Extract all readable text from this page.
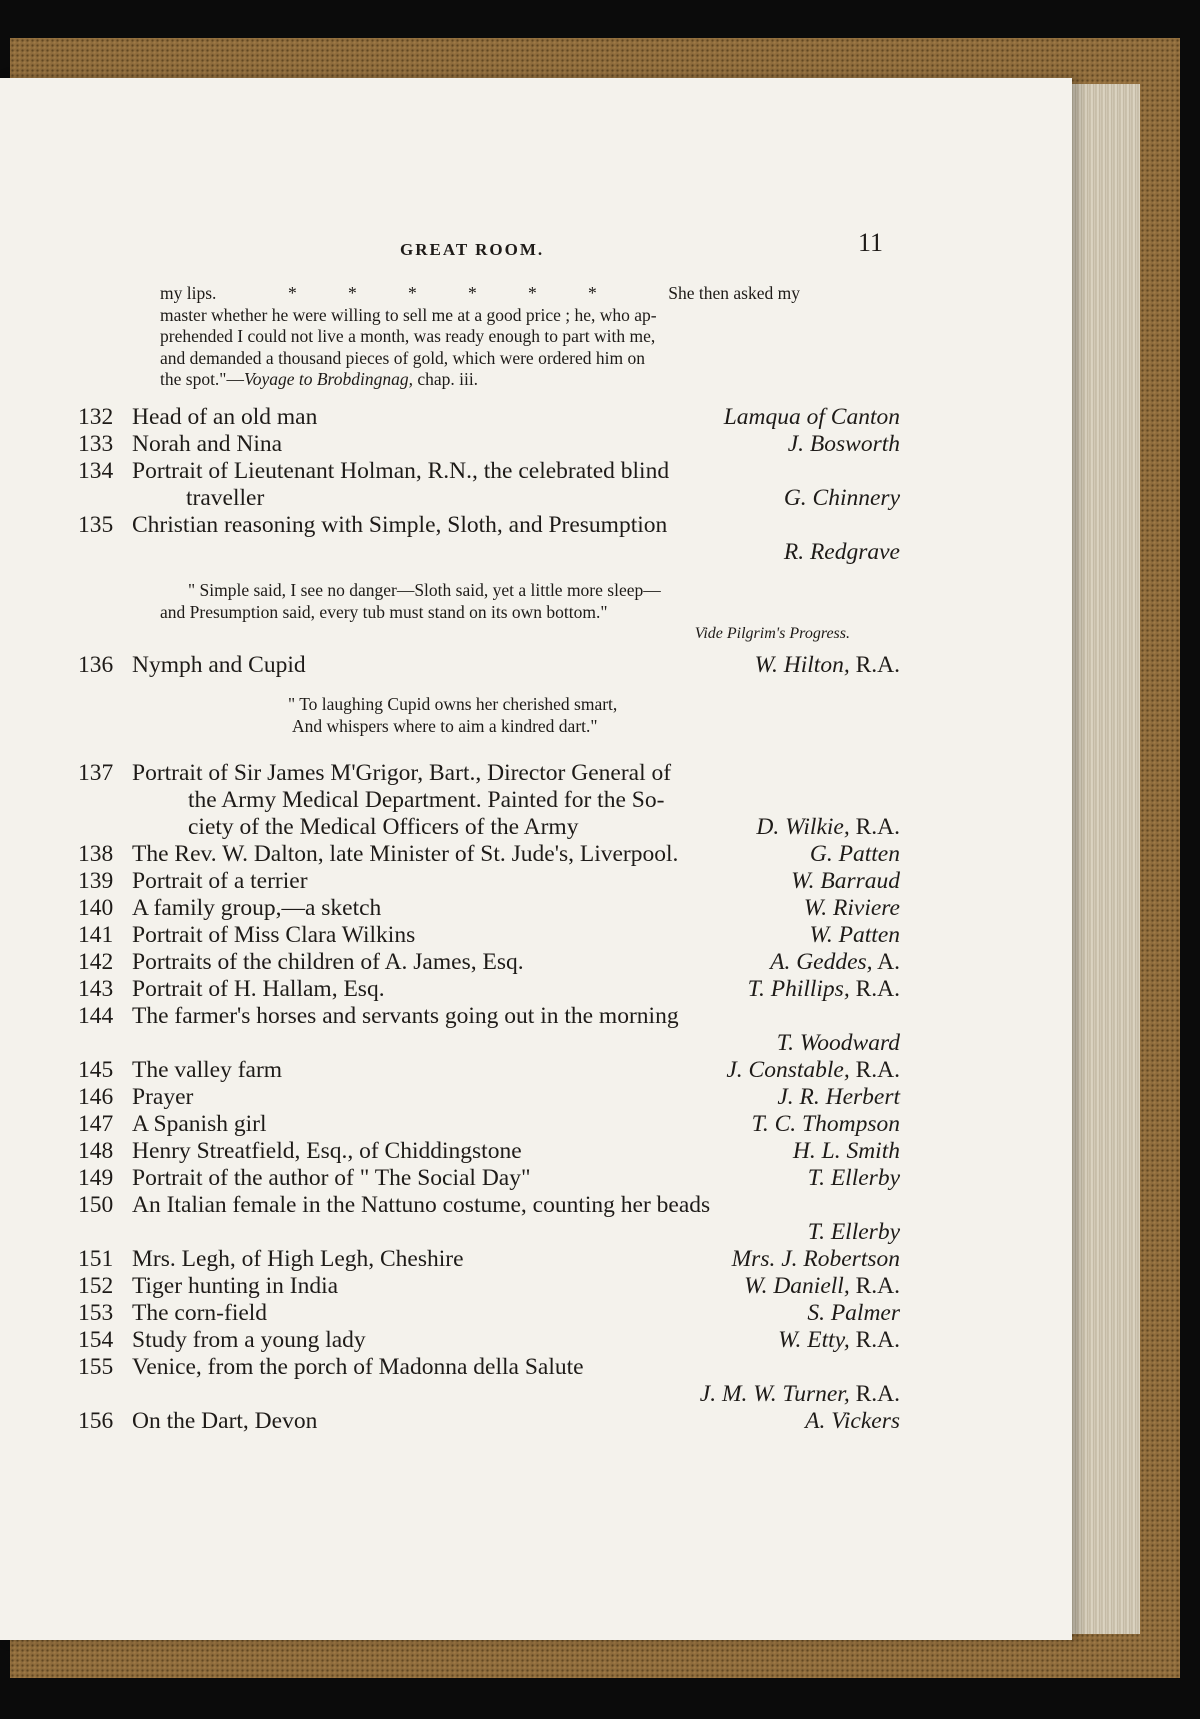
GREAT ROOM.	11
my lips.	*	*	*	*	*	*	She then asked my
master whether he were willing to sell me at a good price ; he, who ap-
prehended I could not live a month, was ready enough to part with me,
and demanded a thousand pieces of gold, which were ordered him on
the spot."—Voyage to Brobdingnag, chap. iii.
132 Head of an old man	Lamqua of Canton
133 Norah and Nina	J. Bosworth
134 Portrait of Lieutenant Holman, R.N., the celebrated blind
traveller	G. Chinnery
135 Christian reasoning with Simple, Sloth, and Presumption
R. Redgrave
" Simple said, I see no danger—Sloth said, yet a little more sleep—
and Presumption said, every tub must stand on its own bottom."
Vide Pilgrim's Progress.
136 Nymph and Cupid	W. Hilton, R.A.
" To laughing Cupid owns her cherished smart,
And whispers where to aim a kindred dart."
137 Portrait of Sir James M'Grigor, Bart., Director General of
the Army Medical Department. Painted for the So-
ciety of the Medical Officers of the Army	D. Wilkie, R.A.
138 The Rev. W. Dalton, late Minister of St. Jude's, Liverpool.	G. Patten
139 Portrait of a terrier	W. Barraud
140 A family group,—a sketch	W. Riviere
141 Portrait of Miss Clara Wilkins	W. Patten
142 Portraits of the children of A. James, Esq.	A. Geddes, A.
143 Portrait of H. Hallam, Esq.	T. Phillips, R.A.
144 The farmer's horses and servants going out in the morning
T. Woodward
145 The valley farm	J. Constable, R.A.
146 Prayer	J. R. Herbert
147 A Spanish girl	T. C. Thompson
148 Henry Streatfield, Esq., of Chiddingstone	H. L. Smith
149 Portrait of the author of " The Social Day"	T. Ellerby
150 An Italian female in the Nattuno costume, counting her beads
T. Ellerby
151 Mrs. Legh, of High Legh, Cheshire	Mrs. J. Robertson
152 Tiger hunting in India	W. Daniell, R.A.
153 The corn-field	S. Palmer
154 Study from a young lady	W. Etty, R.A.
155 Venice, from the porch of Madonna della Salute
J. M. W. Turner, R.A.
156 On the Dart, Devon	A. Vickers
